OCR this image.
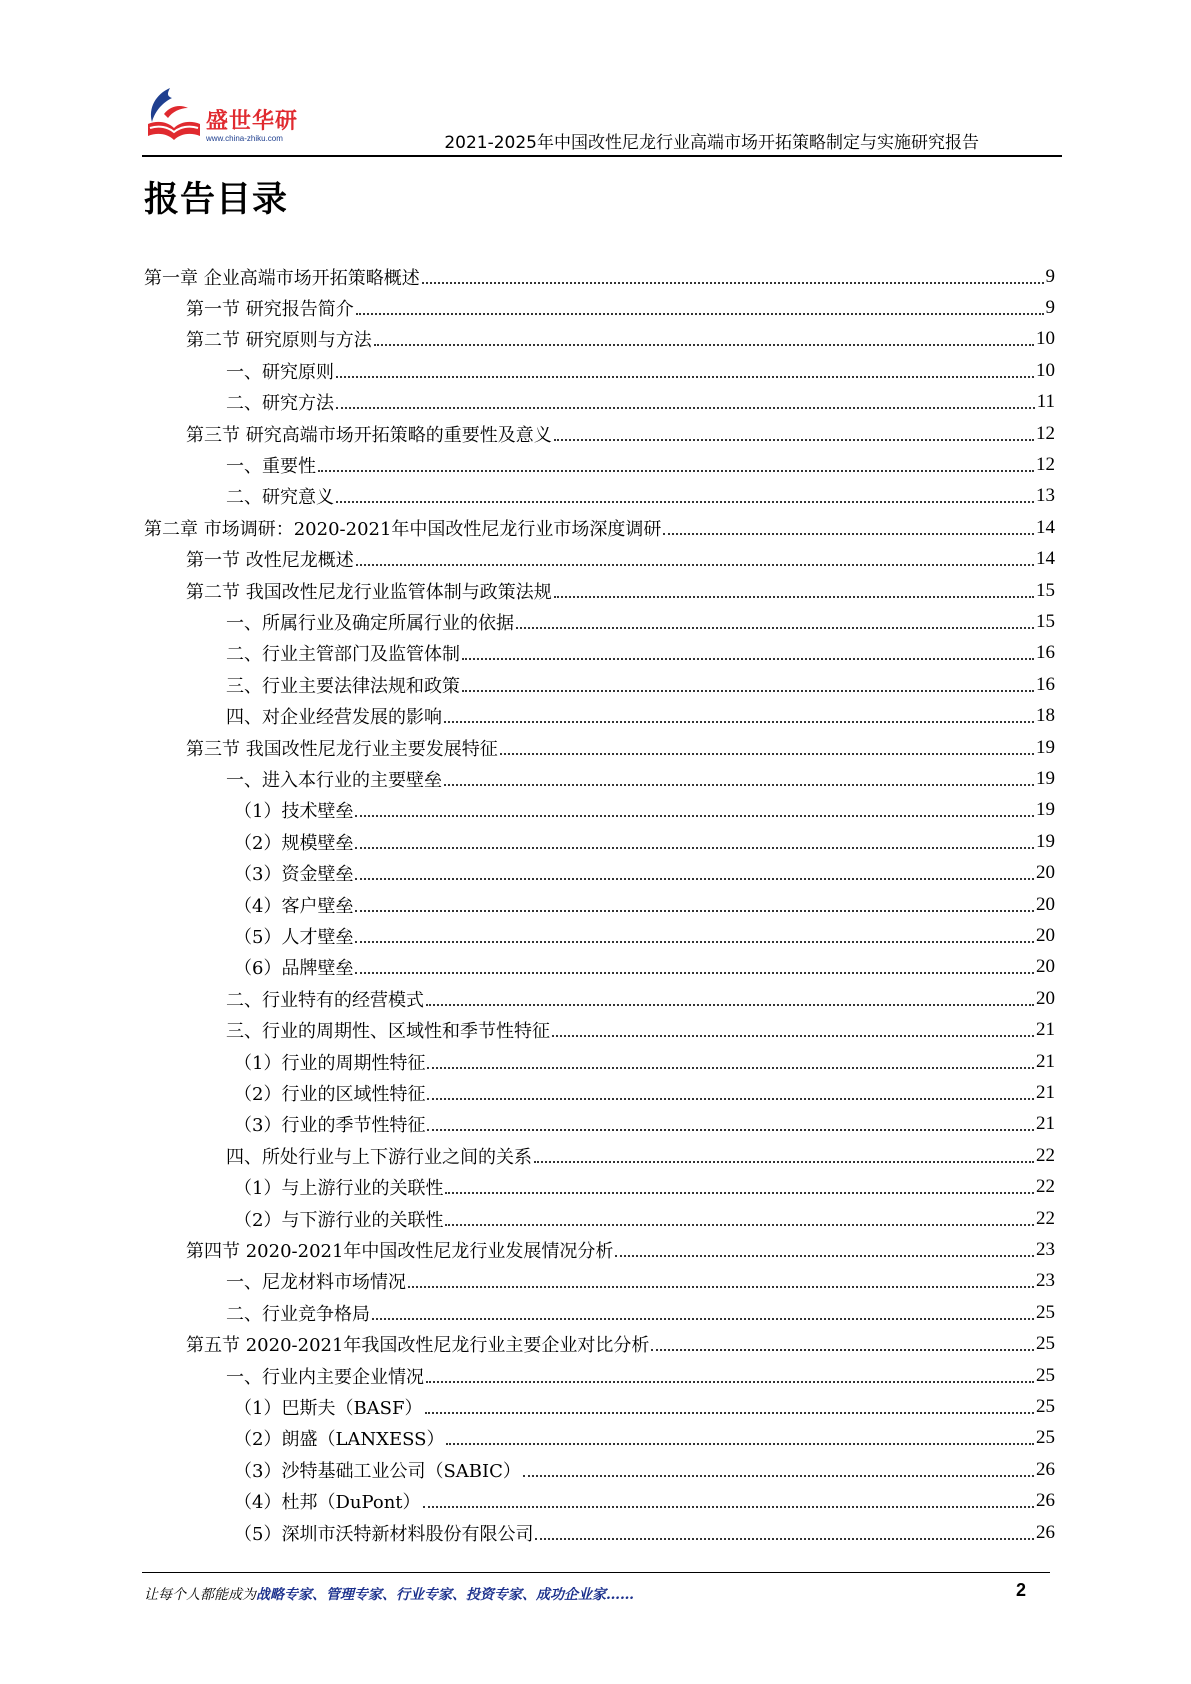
盛世华研
www.china-zhiku.com	2021-2025年中国改性尼龙行业高端市场开拓策略制定与实施研究报告
报告目录
第一章 企业高端市场开拓策略概述	9
第一节 研究报告简介	9
第二节 研究原则与方法	10
一、研究原则	10
二、研究方法	11
第三节 研究高端市场开拓策略的重要性及意义	12
一、重要性	12
二、研究意义	13
第二章 市场调研：2020-2021年中国改性尼龙行业市场深度调研	14
第一节 改性尼龙概述	14
第二节 我国改性尼龙行业监管体制与政策法规	15
一、所属行业及确定所属行业的依据	15
二、行业主管部门及监管体制	16
三、行业主要法律法规和政策	16
四、对企业经营发展的影响	18
第三节 我国改性尼龙行业主要发展特征	19
一、进入本行业的主要壁垒	19
（1）技术壁垒	19
（2）规模壁垒	19
（3）资金壁垒	20
（4）客户壁垒	20
（5）人才壁垒	20
（6）品牌壁垒	20
二、行业特有的经营模式	20
三、行业的周期性、区域性和季节性特征	21
（1）行业的周期性特征	21
（2）行业的区域性特征	21
（3）行业的季节性特征	21
四、所处行业与上下游行业之间的关系	22
（1）与上游行业的关联性	22
（2）与下游行业的关联性	22
第四节 2020-2021年中国改性尼龙行业发展情况分析	23
一、尼龙材料市场情况	23
二、行业竞争格局	25
第五节 2020-2021年我国改性尼龙行业主要企业对比分析	25
一、行业内主要企业情况	25
（1）巴斯夫（BASF）	25
（2）朗盛（LANXESS）	25
（3）沙特基础工业公司（SABIC）	26
（4）杜邦（DuPont）	26
（5）深圳市沃特新材料股份有限公司	26
让每个人都能成为战略专家、管理专家、行业专家、投资专家、成功企业家……	2
